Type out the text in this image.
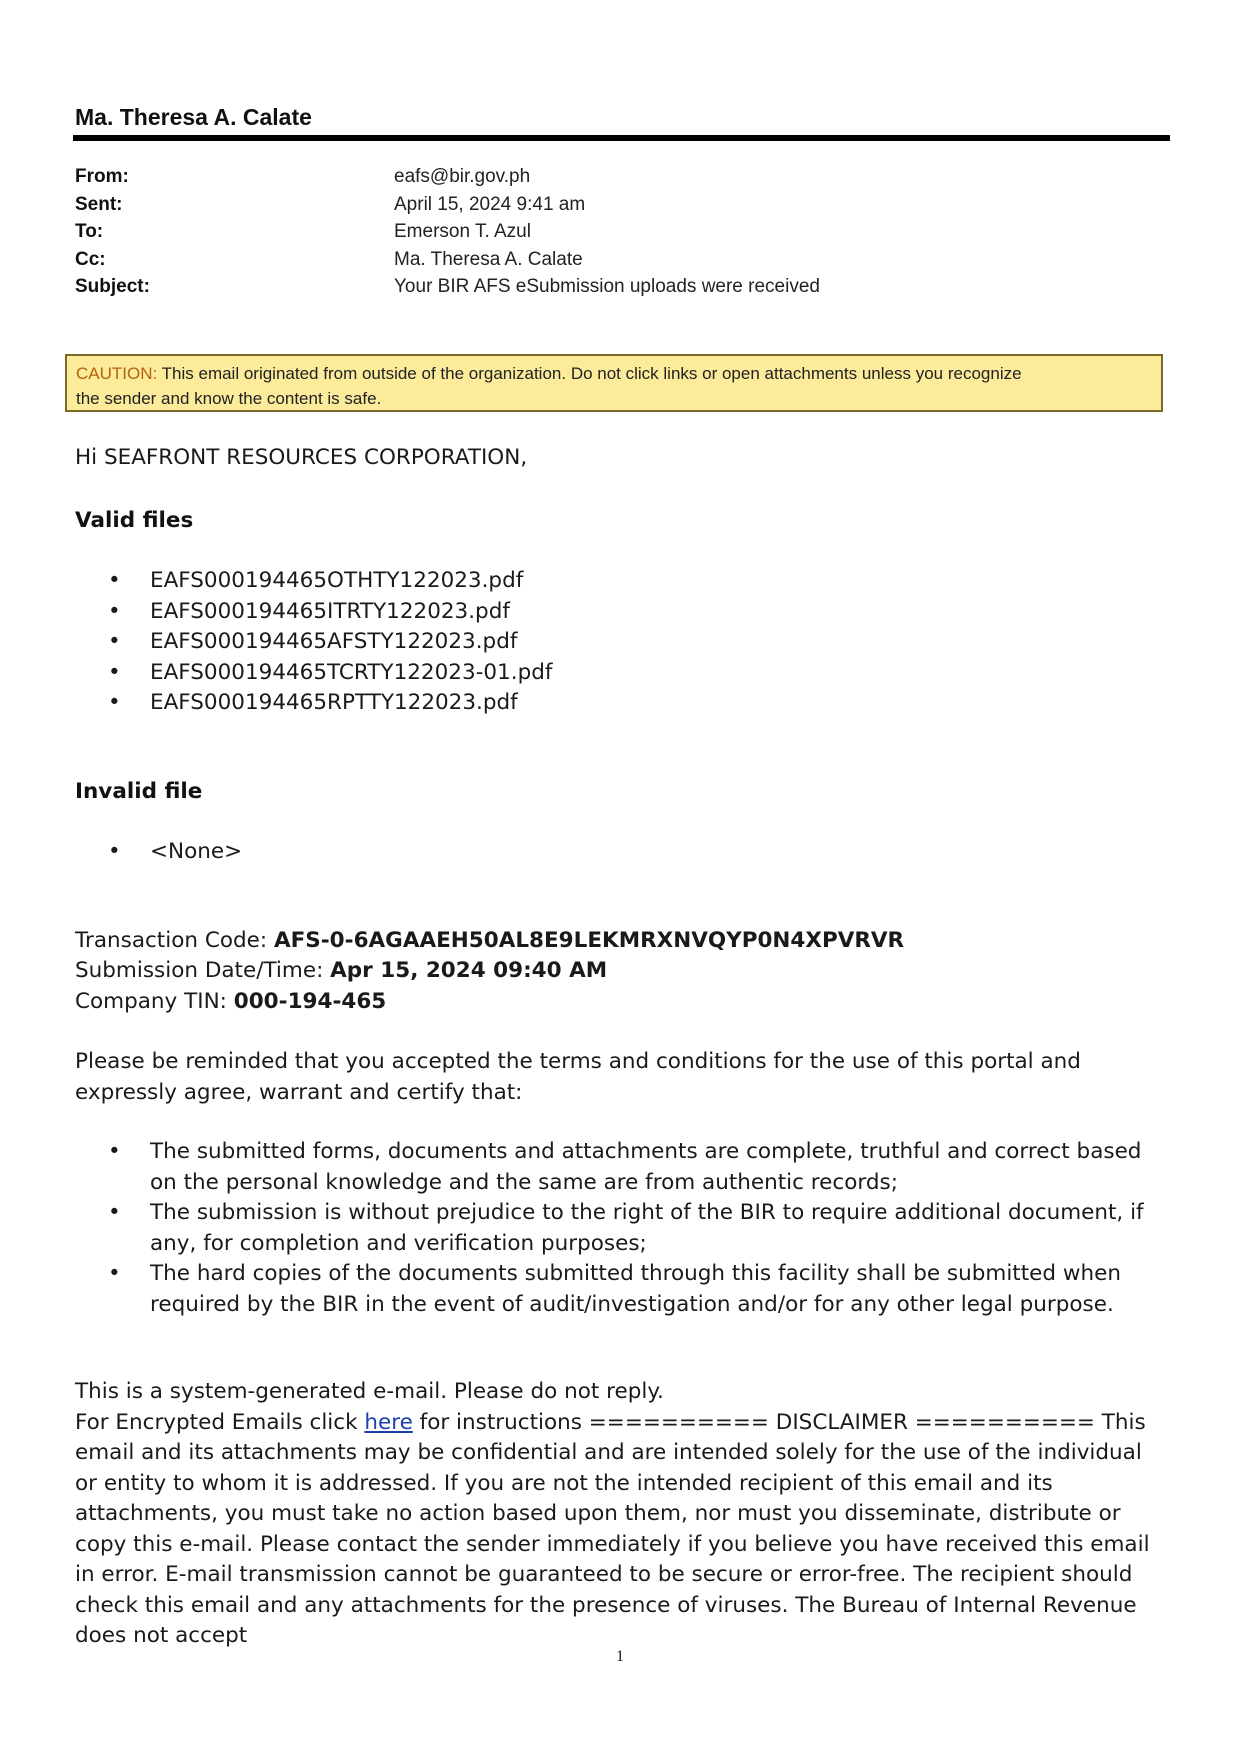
Ma. Theresa A. Calate
From:	eafs@bir.gov.ph
Sent:	April 15, 2024 9:41 am
To:	Emerson T. Azul
Cc:	Ma. Theresa A. Calate
Subject:	Your BIR AFS eSubmission uploads were received
CAUTION: This email originated from outside of the organization. Do not click links or open attachments unless you recognize
the sender and know the content is safe.
Hi SEAFRONT RESOURCES CORPORATION,
Valid files
• EAFS000194465OTHTY122023.pdf
• EAFS000194465ITRTY122023.pdf
• EAFS000194465AFSTY122023.pdf
• EAFS000194465TCRTY122023-01.pdf
• EAFS000194465RPTTY122023.pdf
Invalid file
• <None>
Transaction Code: AFS-0-6AGAAEH50AL8E9LEKMRXNVQYP0N4XPVRVR
Submission Date/Time: Apr 15, 2024 09:40 AM
Company TIN: 000-194-465
Please be reminded that you accepted the terms and conditions for the use of this portal and expressly agree, warrant and certify that:
• The submitted forms, documents and attachments are complete, truthful and correct based on the personal knowledge and the same are from authentic records;
• The submission is without prejudice to the right of the BIR to require additional document, if any, for completion and verification purposes;
• The hard copies of the documents submitted through this facility shall be submitted when required by the BIR in the event of audit/investigation and/or for any other legal purpose.
This is a system-generated e-mail. Please do not reply.
For Encrypted Emails click here for instructions ========== DISCLAIMER ========== This email and its attachments may be confidential and are intended solely for the use of the individual or entity to whom it is addressed. If you are not the intended recipient of this email and its attachments, you must take no action based upon them, nor must you disseminate, distribute or copy this e-mail. Please contact the sender immediately if you believe you have received this email in error. E-mail transmission cannot be guaranteed to be secure or error-free. The recipient should check this email and any attachments for the presence of viruses. The Bureau of Internal Revenue does not accept
1
